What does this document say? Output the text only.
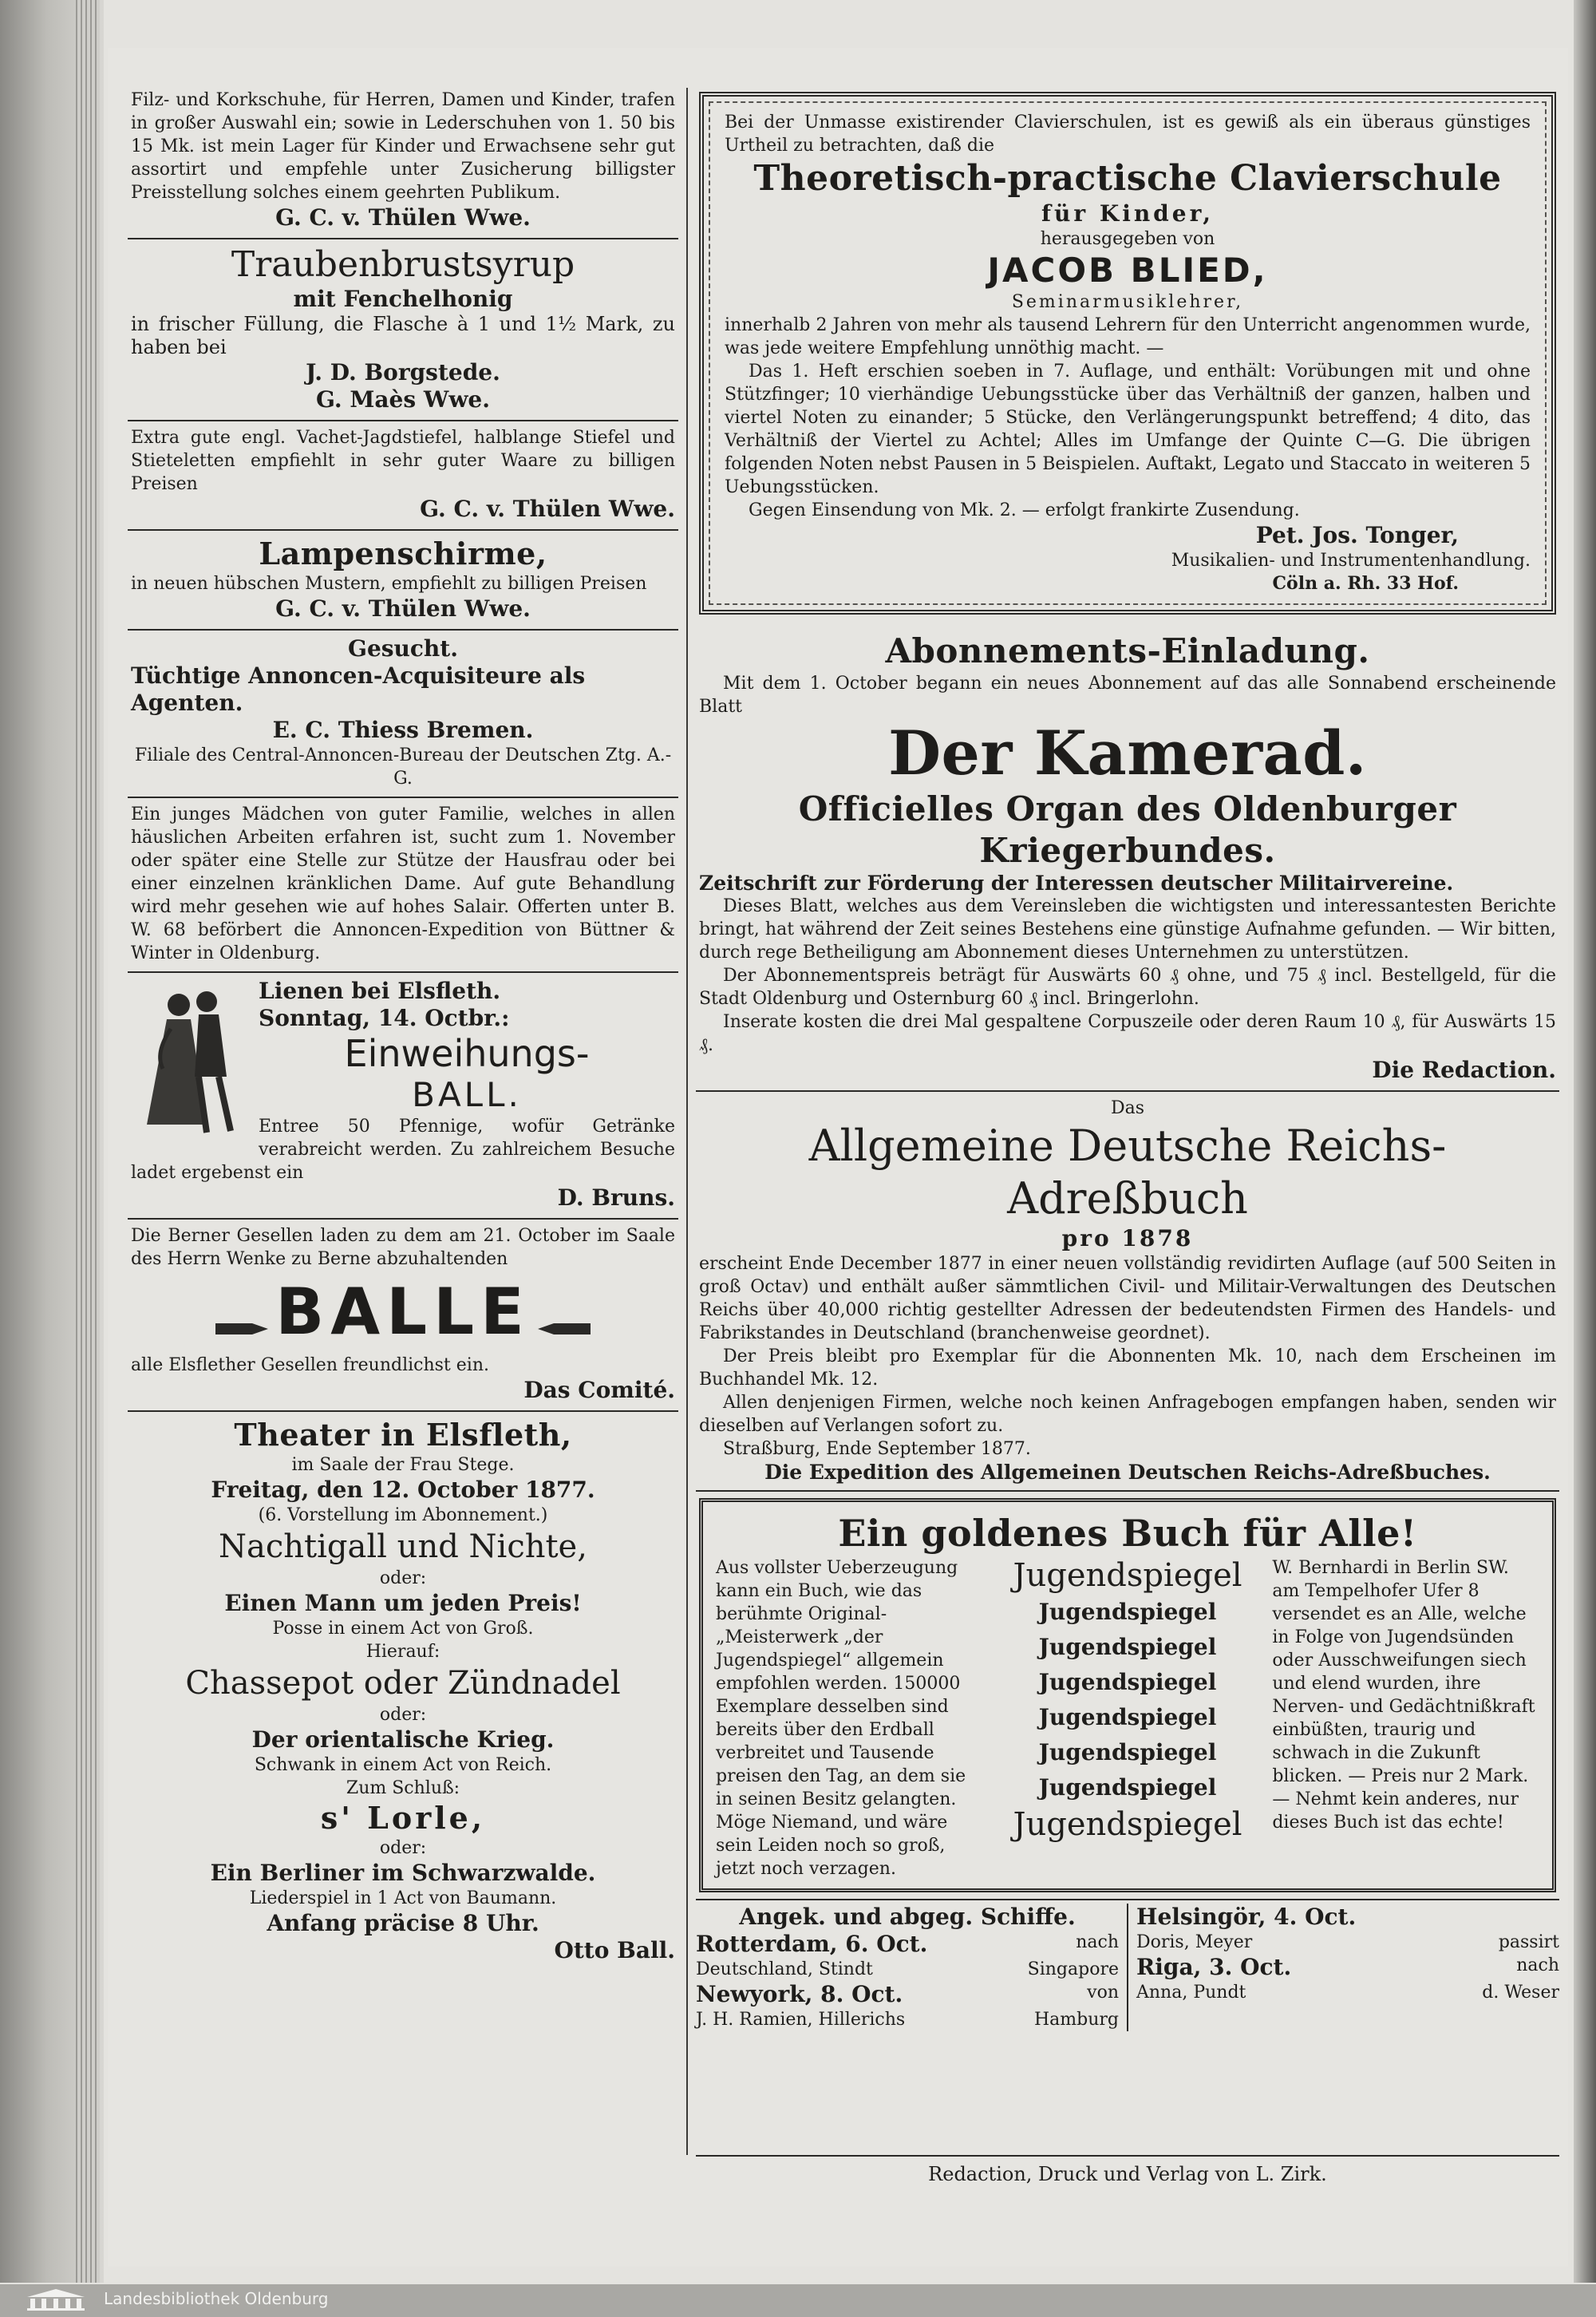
Filz- und Korkschuhe, für Herren, Damen und Kinder, trafen in großer Auswahl ein; sowie in Lederschuhen von 1. 50 bis 15 Mk. ist mein Lager für Kinder und Erwachsene sehr gut assortirt und empfehle unter Zusicherung billigster Preisstellung solches einem geehrten Publikum.

G. C. v. Thülen Wwe.

Traubenbrustsyrup

mit Fenchelhonig

in frischer Füllung, die Flasche à 1 und 1½ Mark, zu haben bei

J. D. Borgstede.

G. Maès Wwe.

Extra gute engl. Vachet-Jagdstiefel, halblange Stiefel und Stieteletten empfiehlt in sehr guter Waare zu billigen Preisen

G. C. v. Thülen Wwe.

Lampenschirme,

in neuen hübschen Mustern, empfiehlt zu billigen Preisen

G. C. v. Thülen Wwe.

Gesucht.

Tüchtige Annoncen-Acquisiteure als Agenten.

E. C. Thiess Bremen.

Filiale des Central-Annoncen-Bureau der Deutschen Ztg. A.-G.

Ein junges Mädchen von guter Familie, welches in allen häuslichen Arbeiten erfahren ist, sucht zum 1. November oder später eine Stelle zur Stütze der Hausfrau oder bei einer einzelnen kränklichen Dame. Auf gute Behandlung wird mehr gesehen wie auf hohes Salair. Offerten unter B. W. 68 beförbert die Annoncen-Expedition von Büttner & Winter in Oldenburg.

Lienen bei Elsfleth.

Sonntag, 14. Octbr.:

Einweihungs-

BALL.

Entree 50 Pfennige, wofür Getränke verabreicht werden. Zu zahlreichem Besuche ladet ergebenst ein

D. Bruns.

Die Berner Gesellen laden zu dem am 21. October im Saale des Herrn Wenke zu Berne abzuhaltenden

BALLE

alle Elsflether Gesellen freundlichst ein.

Das Comité.

Theater in Elsfleth,

im Saale der Frau Stege.

Freitag, den 12. October 1877.

(6. Vorstellung im Abonnement.)

Nachtigall und Nichte,

oder:

Einen Mann um jeden Preis!

Posse in einem Act von Groß.

Hierauf:

Chassepot oder Zündnadel

oder:

Der orientalische Krieg.

Schwank in einem Act von Reich.

Zum Schluß:

s' Lorle,

oder:

Ein Berliner im Schwarzwalde.

Liederspiel in 1 Act von Baumann.

Anfang präcise 8 Uhr.

Otto Ball.

Bei der Unmasse existirender Clavierschulen, ist es gewiß als ein überaus günstiges Urtheil zu betrachten, daß die

Theoretisch-practische Clavierschule

für Kinder,

herausgegeben von

JACOB BLIED,

Seminarmusiklehrer,

innerhalb 2 Jahren von mehr als tausend Lehrern für den Unterricht angenommen wurde, was jede weitere Empfehlung unnöthig macht. —

Das 1. Heft erschien soeben in 7. Auflage, und enthält: Vorübungen mit und ohne Stützfinger; 10 vierhändige Uebungsstücke über das Verhältniß der ganzen, halben und viertel Noten zu einander; 5 Stücke, den Verlängerungspunkt betreffend; 4 dito, das Verhältniß der Viertel zu Achtel; Alles im Umfange der Quinte C—G. Die übrigen folgenden Noten nebst Pausen in 5 Beispielen. Auftakt, Legato und Staccato in weiteren 5 Uebungsstücken.

Gegen Einsendung von Mk. 2. — erfolgt frankirte Zusendung.

Pet. Jos. Tonger,

Musikalien- und Instrumentenhandlung.

Cöln a. Rh. 33 Hof.

Abonnements-Einladung.

Mit dem 1. October begann ein neues Abonnement auf das alle Sonnabend erscheinende Blatt

Der Kamerad.

Officielles Organ des Oldenburger Kriegerbundes.

Zeitschrift zur Förderung der Interessen deutscher Militairvereine.

Dieses Blatt, welches aus dem Vereinsleben die wichtigsten und interessantesten Berichte bringt, hat während der Zeit seines Bestehens eine günstige Aufnahme gefunden. — Wir bitten, durch rege Betheiligung am Abonnement dieses Unternehmen zu unterstützen.

Der Abonnementspreis beträgt für Auswärts 60 ₰ ohne, und 75 ₰ incl. Bestellgeld, für die Stadt Oldenburg und Osternburg 60 ₰ incl. Bringerlohn.

Inserate kosten die drei Mal gespaltene Corpuszeile oder deren Raum 10 ₰, für Auswärts 15 ₰.

Die Redaction.

Das

Allgemeine Deutsche Reichs-Adreßbuch

pro 1878

erscheint Ende December 1877 in einer neuen vollständig revidirten Auflage (auf 500 Seiten in groß Octav) und enthält außer sämmtlichen Civil- und Militair-Verwaltungen des Deutschen Reichs über 40,000 richtig gestellter Adressen der bedeutendsten Firmen des Handels- und Fabrikstandes in Deutschland (branchenweise geordnet).

Der Preis bleibt pro Exemplar für die Abonnenten Mk. 10, nach dem Erscheinen im Buchhandel Mk. 12.

Allen denjenigen Firmen, welche noch keinen Anfragebogen empfangen haben, senden wir dieselben auf Verlangen sofort zu.

Straßburg, Ende September 1877.

Die Expedition des Allgemeinen Deutschen Reichs-Adreßbuches.

Ein goldenes Buch für Alle!

Aus vollster Ueberzeugung kann ein Buch, wie das berühmte Original-„Meisterwerk „der Jugendspiegel“ allgemein empfohlen werden. 150000 Exemplare desselben sind bereits über den Erdball verbreitet und Tausende preisen den Tag, an dem sie in seinen Besitz gelangten. Möge Niemand, und wäre sein Leiden noch so groß, jetzt noch verzagen.

Jugendspiegel

Jugendspiegel

Jugendspiegel

Jugendspiegel

Jugendspiegel

Jugendspiegel

Jugendspiegel

Jugendspiegel

W. Bernhardi in Berlin SW. am Tempelhofer Ufer 8 versendet es an Alle, welche in Folge von Jugendsünden oder Ausschweifungen siech und elend wurden, ihre Nerven- und Gedächtnißkraft einbüßten, traurig und schwach in die Zukunft blicken. — Preis nur 2 Mark. — Nehmt kein anderes, nur dieses Buch ist das echte!

Angek. und abgeg. Schiffe.

Rotterdam, 6. Oct.	nach
Deutschland, Stindt	Singapore
Newyork, 8. Oct.	von
J. H. Ramien, Hillerichs	Hamburg
Helsingör, 4. Oct.
Doris, Meyer	passirt
Riga, 3. Oct.	nach
Anna, Pundt	d. Weser
Redaction, Druck und Verlag von L. Zirk.
Landesbibliothek Oldenburg
